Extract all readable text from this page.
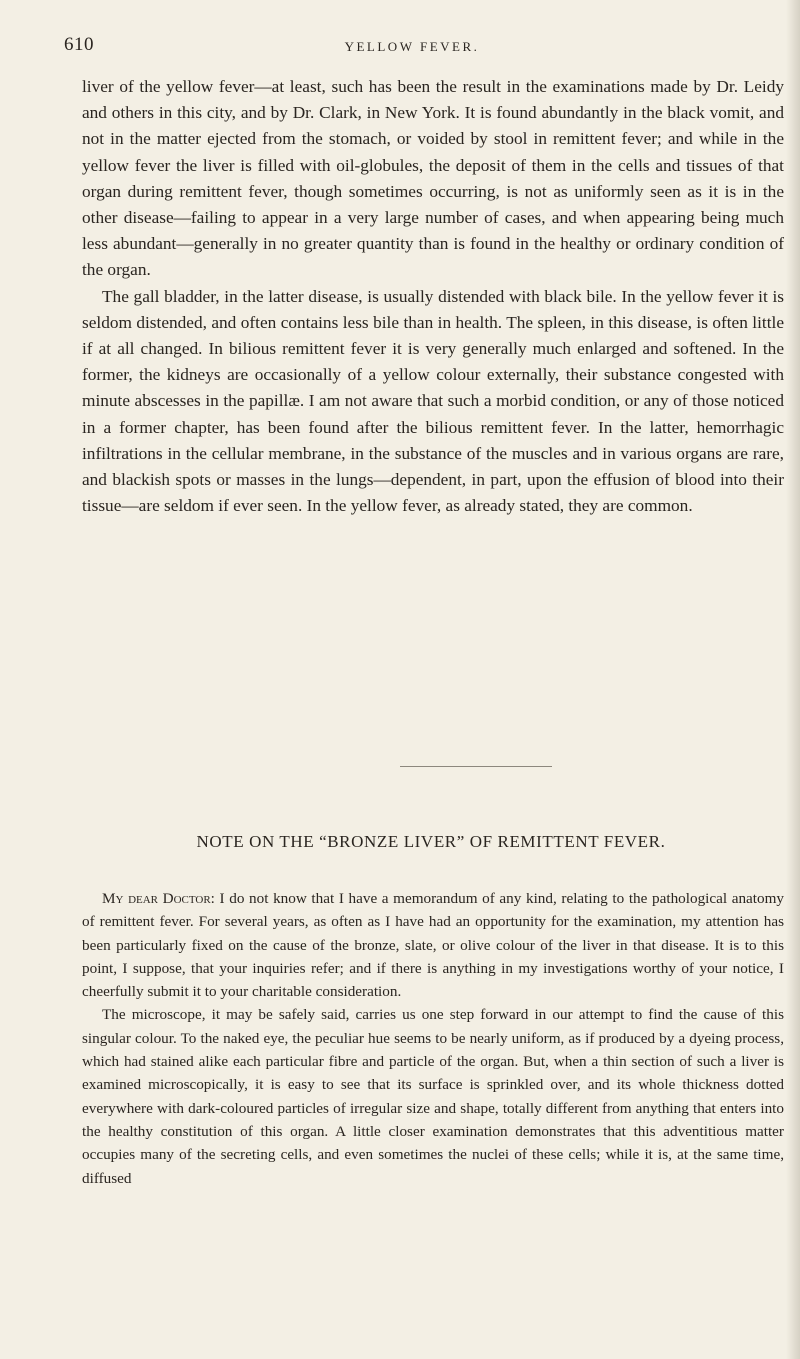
610	YELLOW FEVER.

liver of the yellow fever—at least, such has been the result in the examinations made by Dr. Leidy and others in this city, and by Dr. Clark, in New York. It is found abundantly in the black vomit, and not in the matter ejected from the stomach, or voided by stool in remittent fever; and while in the yellow fever the liver is filled with oil-globules, the deposit of them in the cells and tissues of that organ during remittent fever, though sometimes occurring, is not as uniformly seen as it is in the other disease—failing to appear in a very large number of cases, and when appearing being much less abundant—generally in no greater quantity than is found in the healthy or ordinary condition of the organ.

The gall bladder, in the latter disease, is usually distended with black bile. In the yellow fever it is seldom distended, and often contains less bile than in health. The spleen, in this disease, is often little if at all changed. In bilious remittent fever it is very generally much enlarged and softened. In the former, the kidneys are occasionally of a yellow colour externally, their substance congested with minute abscesses in the papillæ. I am not aware that such a morbid condition, or any of those noticed in a former chapter, has been found after the bilious remittent fever. In the latter, hemorrhagic infiltrations in the cellular membrane, in the substance of the muscles and in various organs are rare, and blackish spots or masses in the lungs—dependent, in part, upon the effusion of blood into their tissue—are seldom if ever seen. In the yellow fever, as already stated, they are common.

NOTE ON THE “BRONZE LIVER” OF REMITTENT FEVER.

My dear Doctor: I do not know that I have a memorandum of any kind, relating to the pathological anatomy of remittent fever. For several years, as often as I have had an opportunity for the examination, my attention has been particularly fixed on the cause of the bronze, slate, or olive colour of the liver in that disease. It is to this point, I suppose, that your inquiries refer; and if there is anything in my investigations worthy of your notice, I cheerfully submit it to your charitable consideration.

The microscope, it may be safely said, carries us one step forward in our attempt to find the cause of this singular colour. To the naked eye, the peculiar hue seems to be nearly uniform, as if produced by a dyeing process, which had stained alike each particular fibre and particle of the organ. But, when a thin section of such a liver is examined microscopically, it is easy to see that its surface is sprinkled over, and its whole thickness dotted everywhere with dark-coloured particles of irregular size and shape, totally different from anything that enters into the healthy constitution of this organ. A little closer examination demonstrates that this adventitious matter occupies many of the secreting cells, and even sometimes the nuclei of these cells; while it is, at the same time, diffused
